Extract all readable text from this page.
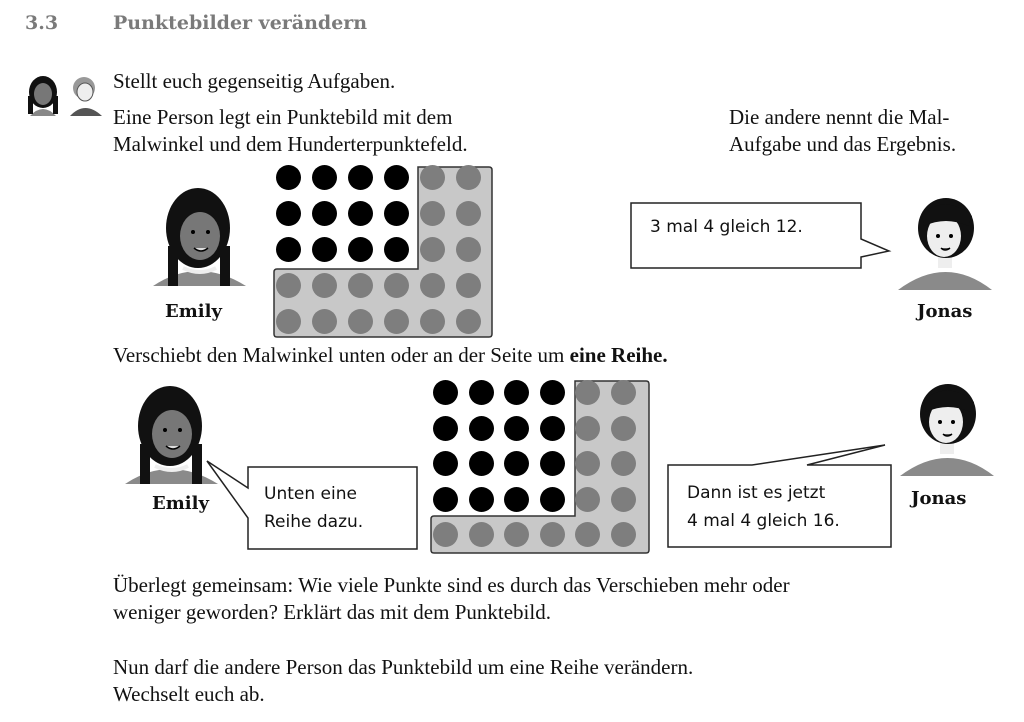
3.3	Punktebilder verändern
Stellt euch gegenseitig Aufgaben.
Eine Person legt ein Punktebild mit dem
Malwinkel und dem Hunderterpunktefeld.
Die andere nennt die Mal-
Aufgabe und das Ergebnis.
Emily
3 mal 4 gleich 12.
Jonas
Verschiebt den Malwinkel unten oder an der Seite um eine Reihe.
Emily	Unten eine
Reihe dazu.
Dann ist es jetzt
4 mal 4 gleich 16.
Jonas
Überlegt gemeinsam: Wie viele Punkte sind es durch das Verschieben mehr oder
weniger geworden? Erklärt das mit dem Punktebild.
Nun darf die andere Person das Punktebild um eine Reihe verändern.
Wechselt euch ab.
